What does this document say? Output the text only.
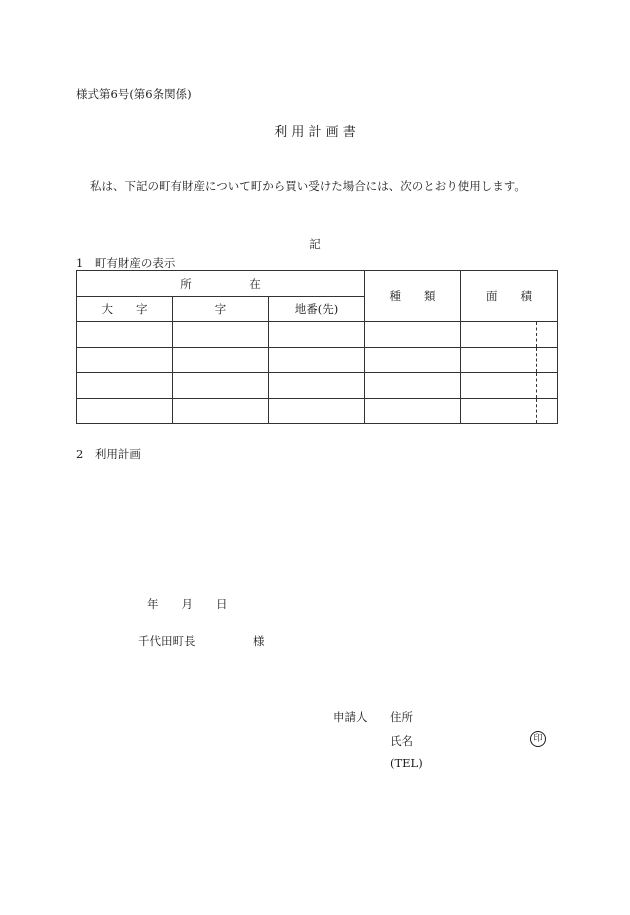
様式第6号(第6条関係)
利 用 計 画 書
私は、下記の町有財産について町から買い受けた場合には、次のとおり使用します。
記
1　町有財産の表示
所　　　　　在			種　　類	面　　積
大　　字	字	地番(先)		

2　利用計画
年　　月　　日
千代田町長　　　　　様
申請人 住所
氏名	印
(TEL)
